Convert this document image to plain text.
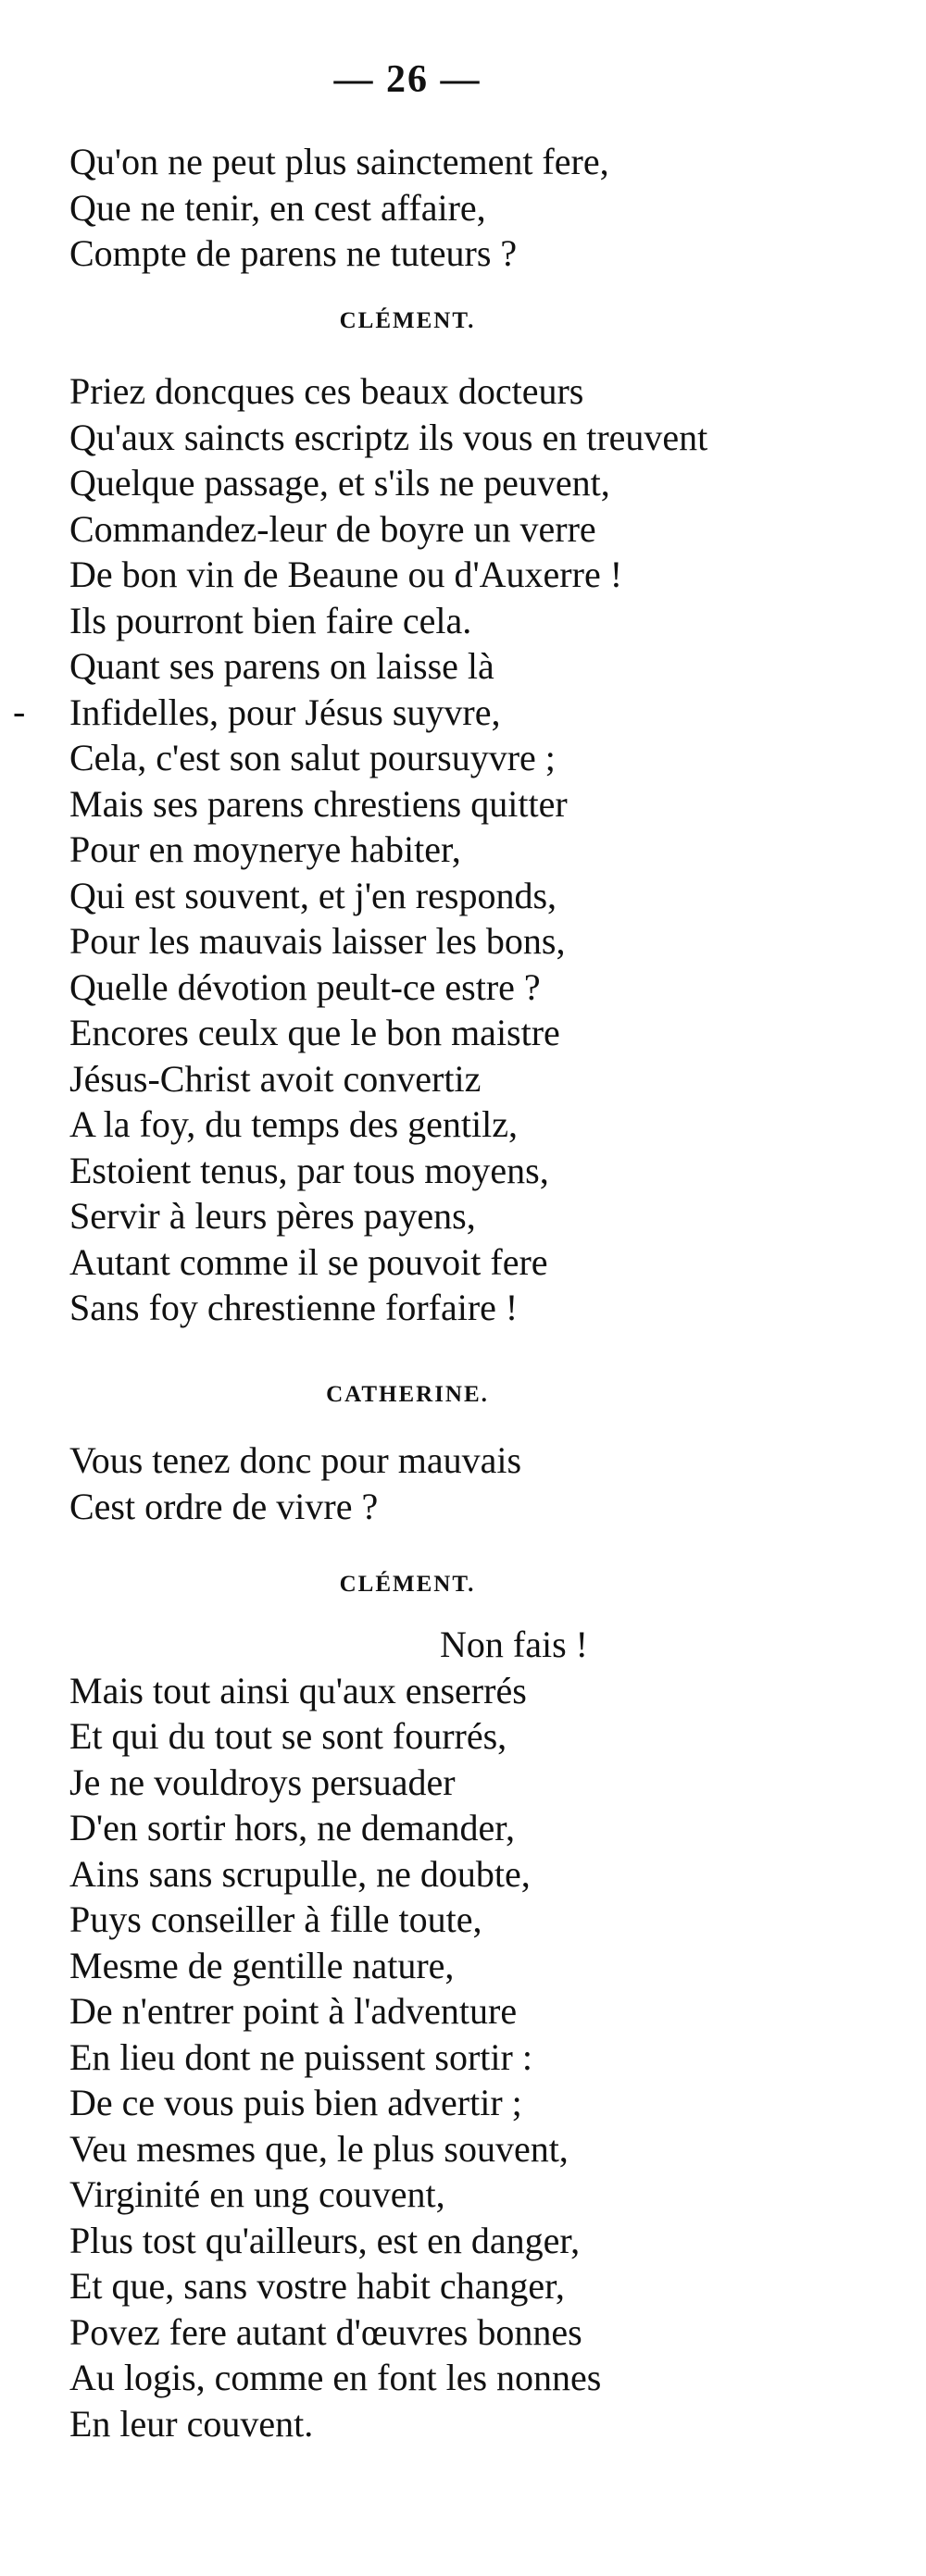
— 26 —
Qu'on ne peut plus sainctement fere,
Que ne tenir, en cest affaire,
Compte de parens ne tuteurs ?
CLÉMENT.
Priez doncques ces beaux docteurs
Qu'aux saincts escriptz ils vous en treuvent
Quelque passage, et s'ils ne peuvent,
Commandez-leur de boyre un verre
De bon vin de Beaune ou d'Auxerre !
Ils pourront bien faire cela.
Quant ses parens on laisse là
Infidelles, pour Jésus suyvre,
Cela, c'est son salut poursuyvre ;
Mais ses parens chrestiens quitter
Pour en moynerye habiter,
Qui est souvent, et j'en responds,
Pour les mauvais laisser les bons,
Quelle dévotion peult-ce estre ?
Encores ceulx que le bon maistre
Jésus-Christ avoit convertiz
A la foy, du temps des gentilz,
Estoient tenus, par tous moyens,
Servir à leurs pères payens,
Autant comme il se pouvoit fere
Sans foy chrestienne forfaire !
-
CATHERINE.
Vous tenez donc pour mauvais
Cest ordre de vivre ?
CLÉMENT.
Non fais !
Mais tout ainsi qu'aux enserrés
Et qui du tout se sont fourrés,
Je ne vouldroys persuader
D'en sortir hors, ne demander,
Ains sans scrupulle, ne doubte,
Puys conseiller à fille toute,
Mesme de gentille nature,
De n'entrer point à l'adventure
En lieu dont ne puissent sortir :
De ce vous puis bien advertir ;
Veu mesmes que, le plus souvent,
Virginité en ung couvent,
Plus tost qu'ailleurs, est en danger,
Et que, sans vostre habit changer,
Povez fere autant d'œuvres bonnes
Au logis, comme en font les nonnes
En leur couvent.
